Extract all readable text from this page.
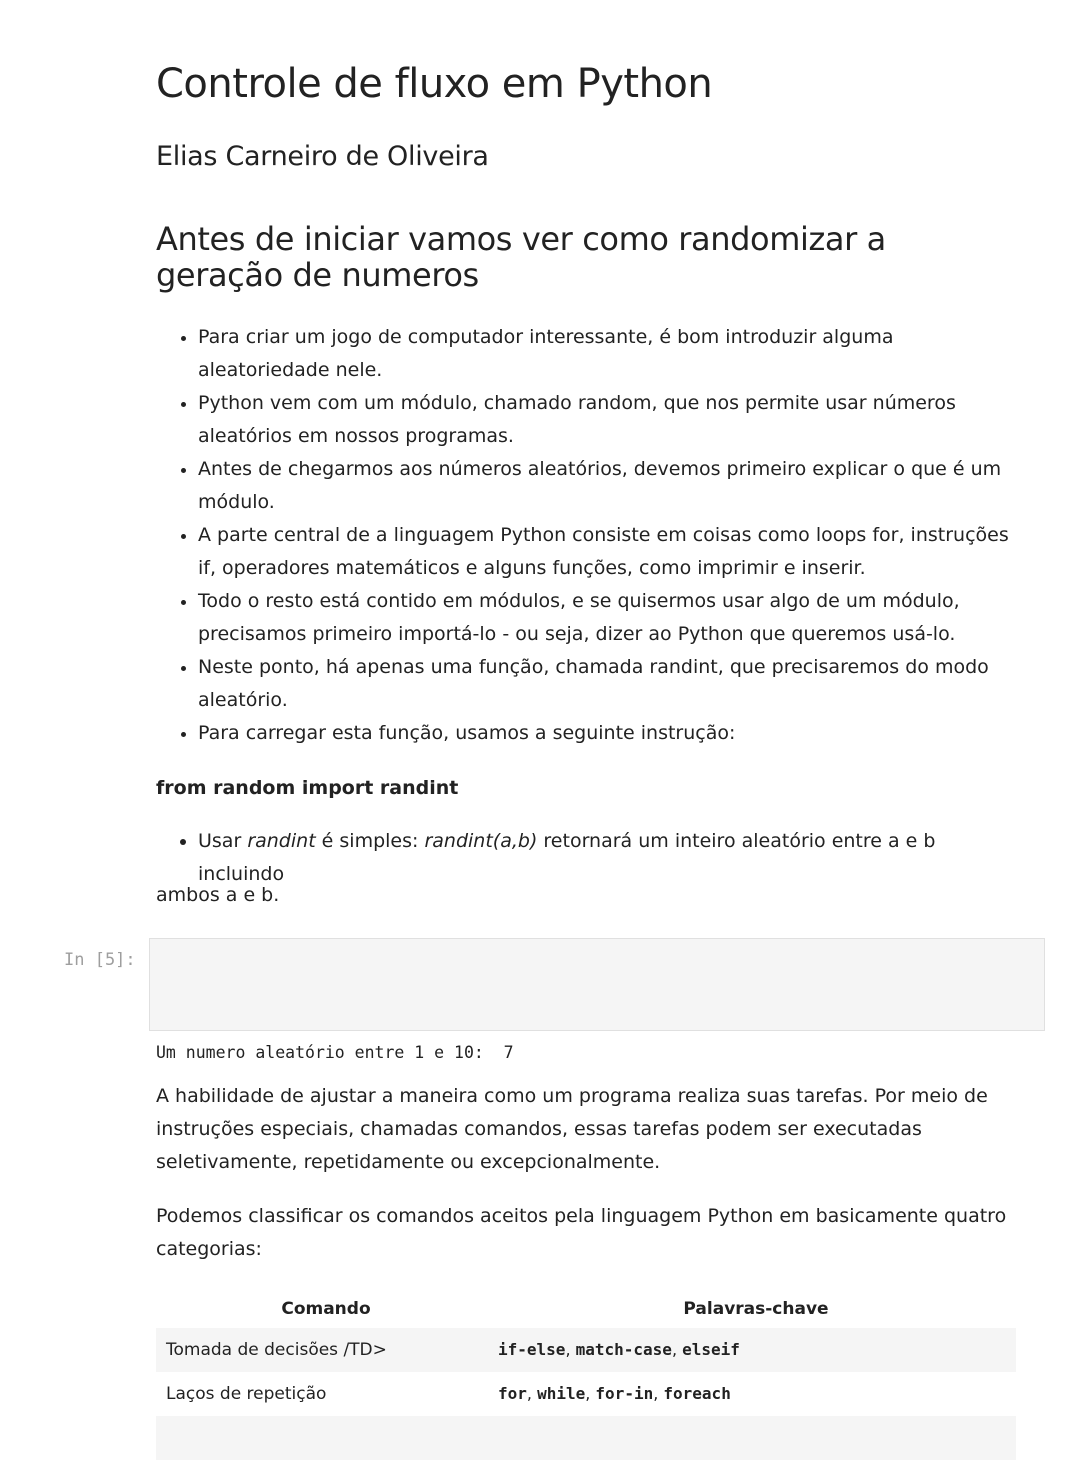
Controle de fluxo em Python
Elias Carneiro de Oliveira
Antes de iniciar vamos ver como randomizar a geração de numeros
• Para criar um jogo de computador interessante, é bom introduzir alguma aleatoriedade nele.
• Python vem com um módulo, chamado random, que nos permite usar números aleatórios em nossos programas.
• Antes de chegarmos aos números aleatórios, devemos primeiro explicar o que é um módulo.
• A parte central de a linguagem Python consiste em coisas como loops for, instruções if, operadores matemáticos e alguns funções, como imprimir e inserir.
• Todo o resto está contido em módulos, e se quisermos usar algo de um módulo, precisamos primeiro importá-lo - ou seja, dizer ao Python que queremos usá-lo.
• Neste ponto, há apenas uma função, chamada randint, que precisaremos do modo aleatório.
• Para carregar esta função, usamos a seguinte instrução:

from random import randint

• Usar randint é simples: randint(a,b) retornará um inteiro aleatório entre a e b incluindo

ambos a e b.

In [5]:
Um numero aleatório entre 1 e 10:  7

A habilidade de ajustar a maneira como um programa realiza suas tarefas. Por meio de instruções especiais, chamadas comandos, essas tarefas podem ser executadas seletivamente, repetidamente ou excepcionalmente.

Podemos classificar os comandos aceitos pela linguagem Python em basicamente quatro categorias:

Comando	Palavras-chave
Tomada de decisões /TD>	if-else, match-case, elseif
Laços de repetição	for, while, for-in, foreach
